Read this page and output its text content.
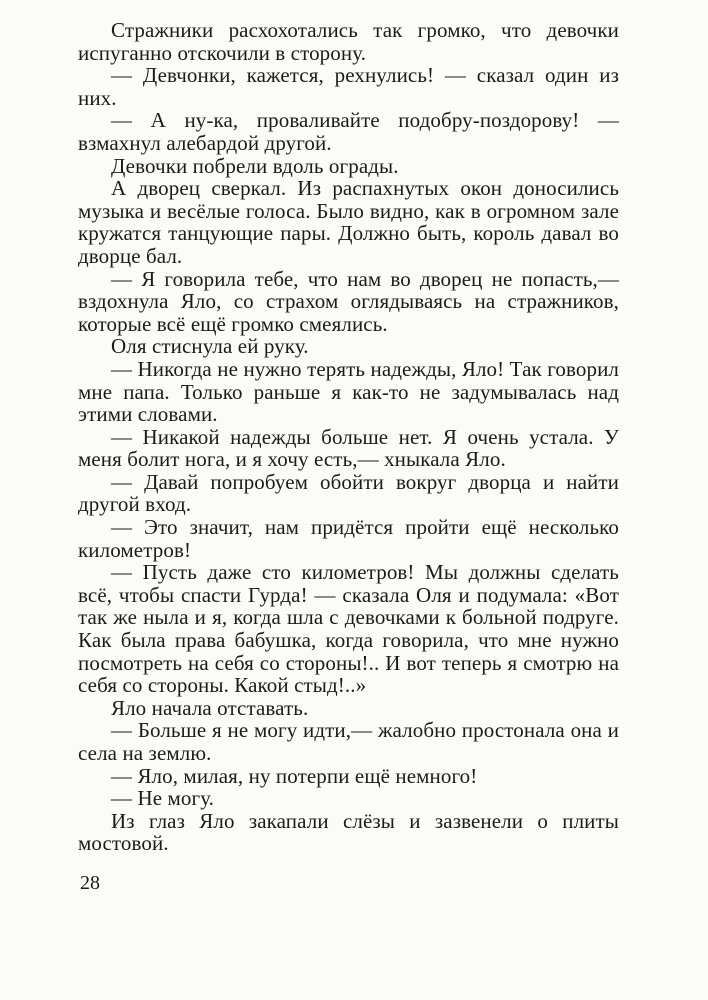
Стражники расхохотались так громко, что девочки испуганно отскочили в сторону.

— Девчонки, кажется, рехнулись! — сказал один из них.

— А ну-ка, проваливайте подобру-поздорову! — взмахнул алебардой другой.

Девочки побрели вдоль ограды.

А дворец сверкал. Из распахнутых окон доносились музыка и весёлые голоса. Было видно, как в огромном зале кружатся танцующие пары. Должно быть, король давал во дворце бал.

— Я говорила тебе, что нам во дворец не попасть,— вздохнула Яло, со страхом оглядываясь на стражников, которые всё ещё громко смеялись.

Оля стиснула ей руку.

— Никогда не нужно терять надежды, Яло! Так говорил мне папа. Только раньше я как-то не задумывалась над этими словами.

— Никакой надежды больше нет. Я очень устала. У меня болит нога, и я хочу есть,— хныкала Яло.

— Давай попробуем обойти вокруг дворца и найти другой вход.

— Это значит, нам придётся пройти ещё несколько километров!

— Пусть даже сто километров! Мы должны сделать всё, чтобы спасти Гурда! — сказала Оля и подумала: «Вот так же ныла и я, когда шла с девочками к больной подруге. Как была права бабушка, когда говорила, что мне нужно посмотреть на себя со стороны!.. И вот теперь я смотрю на себя со стороны. Какой стыд!..»

Яло начала отставать.

— Больше я не могу идти,— жалобно простонала она и села на землю.

— Яло, милая, ну потерпи ещё немного!

— Не могу.

Из глаз Яло закапали слёзы и зазвенели о плиты мостовой.

28
